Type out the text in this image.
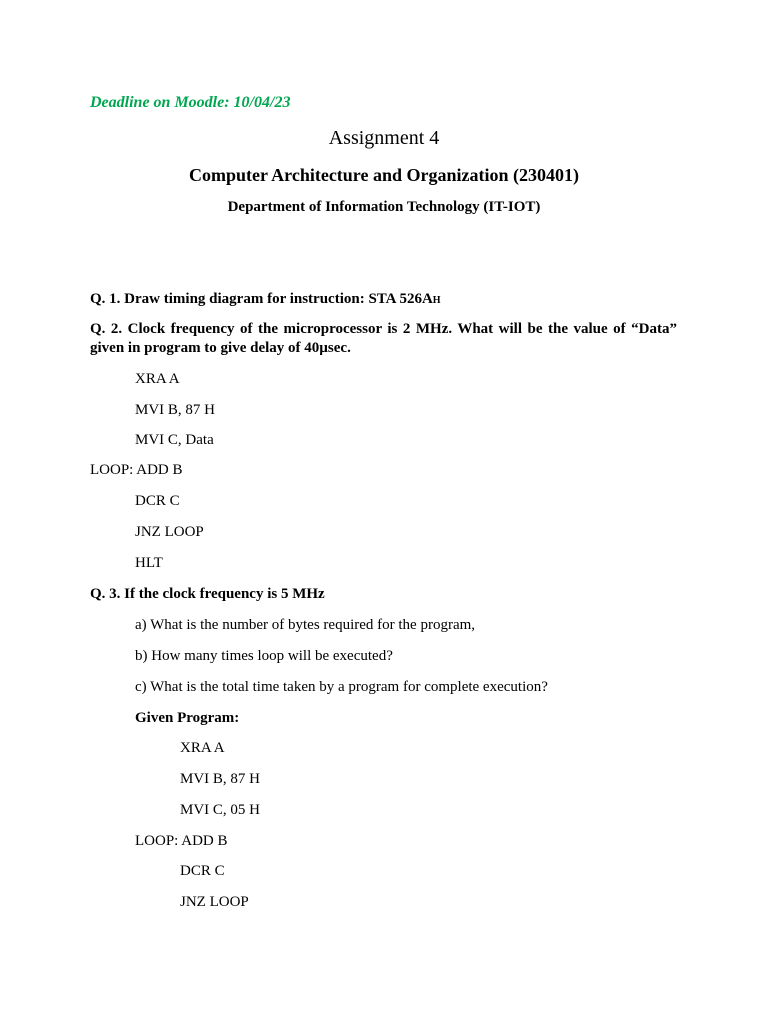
Deadline on Moodle: 10/04/23
Assignment 4
Computer Architecture and Organization (230401)
Department of Information Technology (IT-IOT)
Q. 1. Draw timing diagram for instruction: STA 526AH
Q. 2. Clock frequency of the microprocessor is 2 MHz. What will be the value of “Data” given in program to give delay of 40µsec.
XRA A
MVI B, 87 H
MVI C, Data
LOOP: ADD B
DCR C
JNZ LOOP
HLT
Q. 3. If the clock frequency is 5 MHz
a) What is the number of bytes required for the program,
b) How many times loop will be executed?
c) What is the total time taken by a program for complete execution?
Given Program:
XRA A
MVI B, 87 H
MVI C, 05 H
LOOP: ADD B
DCR C
JNZ LOOP
